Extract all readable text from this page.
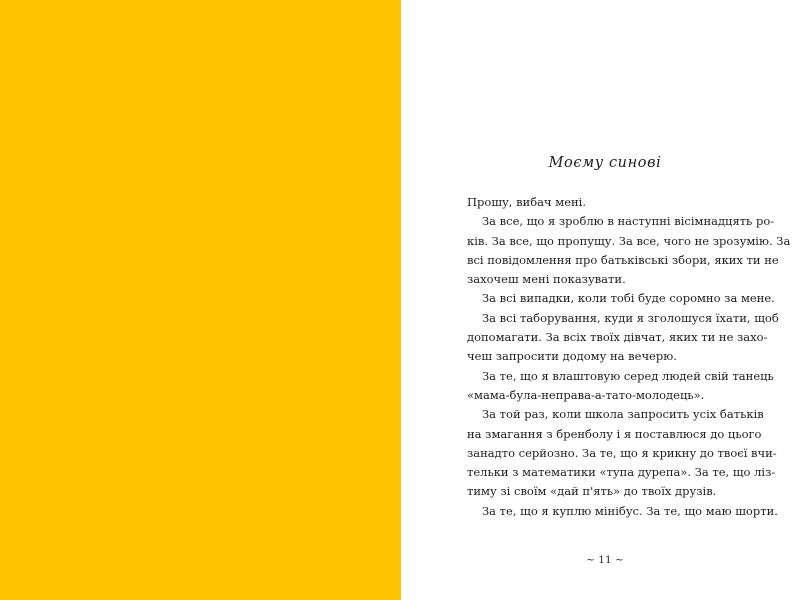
Моєму синові
Прошу, вибач мені.
За все, що я зроблю в наступні вісімнадцять ро-
ків. За все, що пропущу. За все, чого не зрозумію. За
всі повідомлення про батьківські збори, яких ти не
захочеш мені показувати.
За всі випадки, коли тобі буде соромно за мене.
За всі таборування, куди я зголошуся їхати, щоб
допомагати. За всіх твоїх дівчат, яких ти не захо-
чеш запросити додому на вечерю.
За те, що я влаштовую серед людей свій танець
«мама-була-неправа-а-тато-молодець».
За той раз, коли школа запросить усіх батьків
на змагання з бренболу і я поставлюся до цього
занадто серйозно. За те, що я крикну до твоєї вчи-
тельки з математики «тупа дурепа». За те, що ліз-
тиму зі своїм «дай п'ять» до твоїх друзів.
За те, що я куплю мінібус. За те, що маю шорти.
~ 11 ~
